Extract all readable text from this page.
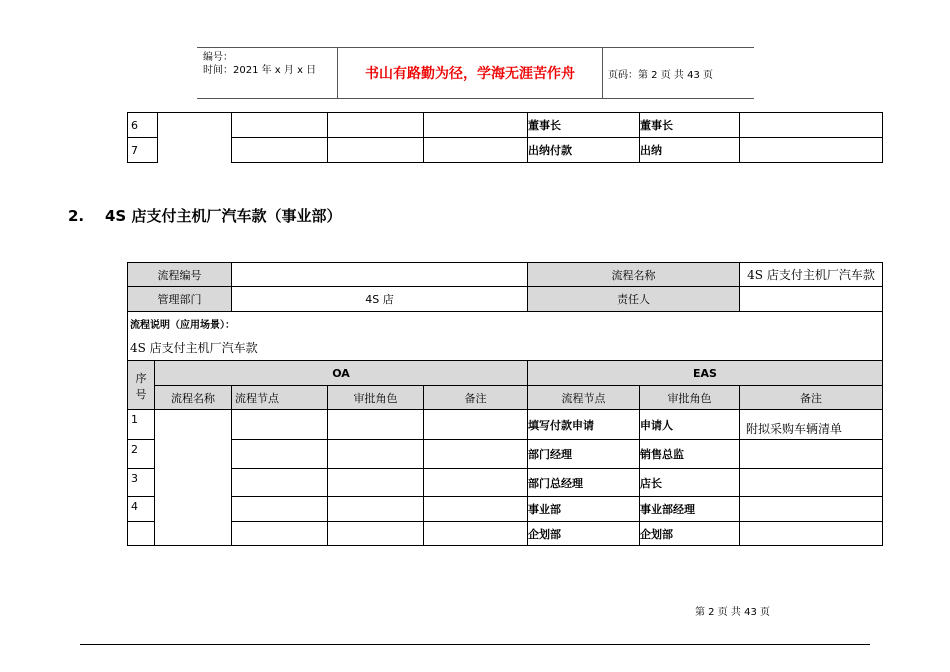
编号：
时间：2021 年 x 月 x 日	书山有路勤为径，学海无涯苦作舟	页码：第 2 页 共 43 页
6					董事长	董事长	
7					出纳付款	出纳	
2. 4S 店支付主机厂汽车款（事业部）
流程编号					流程名称		4S 店支付主机厂汽车款
管理部门		4S 店			责任人		

流程说明（应用场景）：
4S 店支付主机厂汽车款							

序	OA				EAS		
号	流程名称	流程节点	审批角色	备注	流程节点	审批角色	备注
1					填写付款申请	申请人	附拟采购车辆清单
2					部门经理	销售总监	
3					部门总经理	店长	
4					事业部	事业部经理	
					企划部	企划部	
第 2 页 共 43 页
